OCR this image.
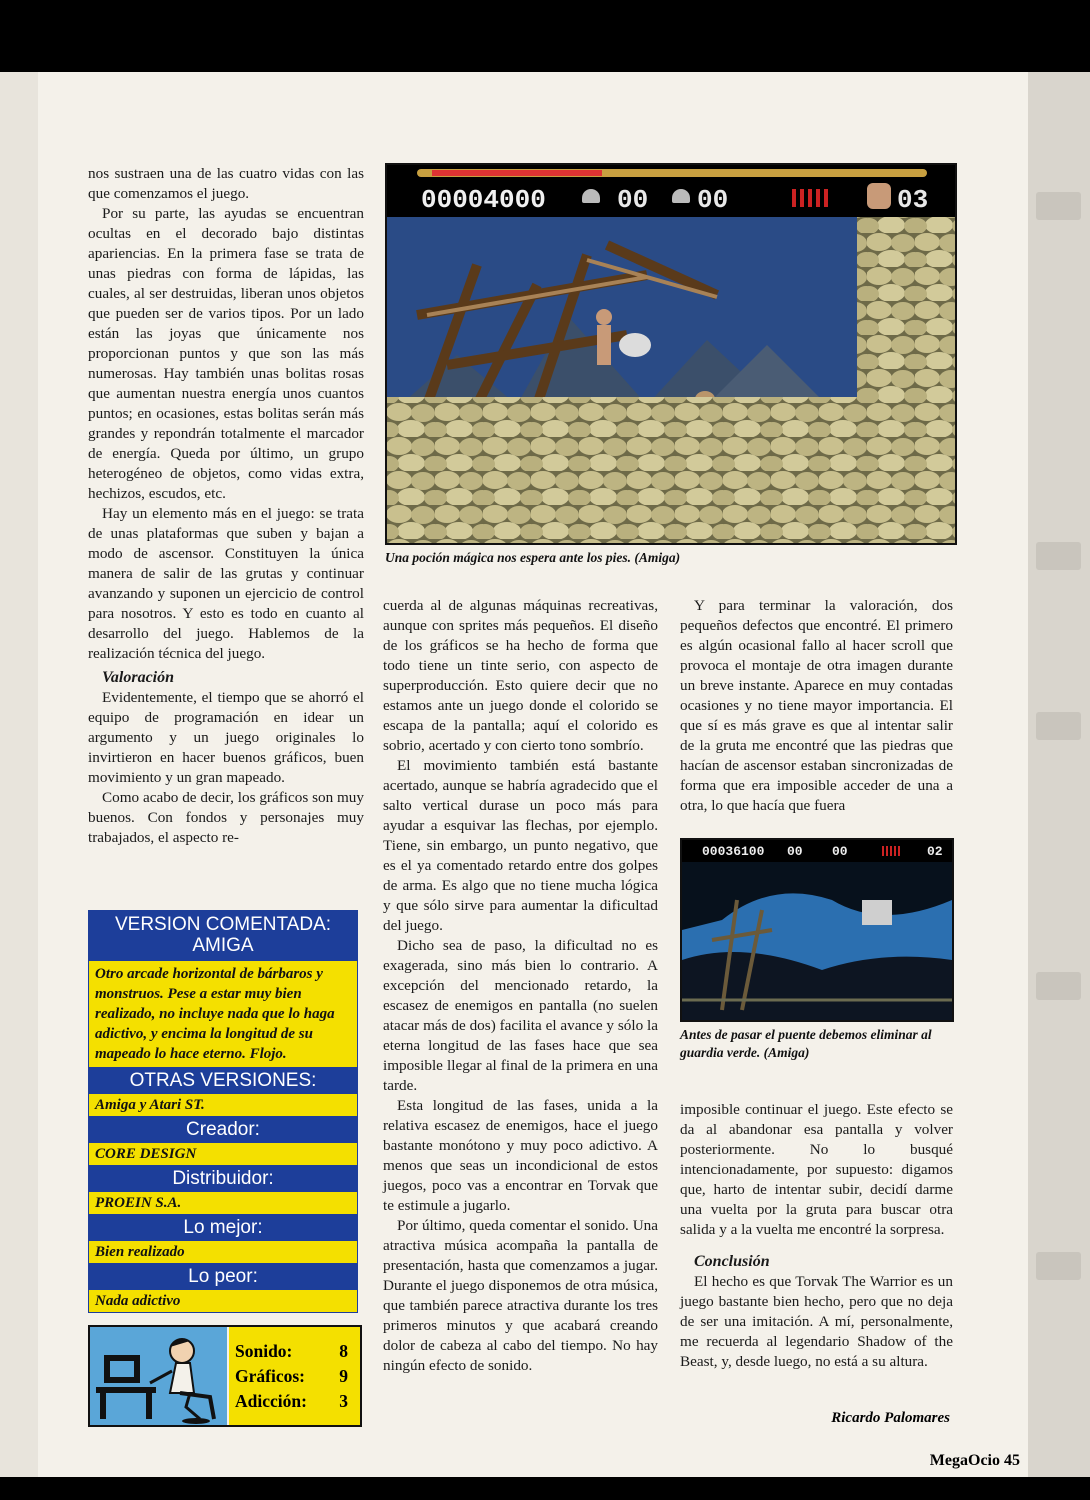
nos sustraen una de las cuatro vidas con las que comenzamos el juego.

Por su parte, las ayudas se encuentran ocultas en el decorado bajo distintas apariencias. En la primera fase se trata de unas piedras con forma de lápidas, las cuales, al ser destruidas, liberan unos objetos que pueden ser de varios tipos. Por un lado están las joyas que únicamente nos proporcionan puntos y que son las más numerosas. Hay también unas bolitas rosas que aumentan nuestra energía unos cuantos puntos; en ocasiones, estas bolitas serán más grandes y repondrán totalmente el marcador de energía. Queda por último, un grupo heterogéneo de objetos, como vidas extra, hechizos, escudos, etc.

Hay un elemento más en el juego: se trata de unas plataformas que suben y bajan a modo de ascensor. Constituyen la única manera de salir de las grutas y continuar avanzando y suponen un ejercicio de control para nosotros. Y esto es todo en cuanto al desarrollo del juego. Hablemos de la realización técnica del juego.

Valoración

Evidentemente, el tiempo que se ahorró el equipo de programación en idear un argumento y un juego originales lo invirtieron en hacer buenos gráficos, buen movimiento y un gran mapeado.

Como acabo de decir, los gráficos son muy buenos. Con fondos y personajes muy trabajados, el aspecto re-

00004000	00 00	03
Una poción mágica nos espera ante los pies. (Amiga)

cuerda al de algunas máquinas recreativas, aunque con sprites más pequeños. El diseño de los gráficos se ha hecho de forma que todo tiene un tinte serio, con aspecto de superproducción. Esto quiere decir que no estamos ante un juego donde el colorido se escapa de la pantalla; aquí el colorido es sobrio, acertado y con cierto tono sombrío.

El movimiento también está bastante acertado, aunque se habría agradecido que el salto vertical durase un poco más para ayudar a esquivar las flechas, por ejemplo. Tiene, sin embargo, un punto negativo, que es el ya comentado retardo entre dos golpes de arma. Es algo que no tiene mucha lógica y que sólo sirve para aumentar la dificultad del juego.

Dicho sea de paso, la dificultad no es exagerada, sino más bien lo contrario. A excepción del mencionado retardo, la escasez de enemigos en pantalla (no suelen atacar más de dos) facilita el avance y sólo la eterna longitud de las fases hace que sea imposible llegar al final de la primera en una tarde.

Esta longitud de las fases, unida a la relativa escasez de enemigos, hace el juego bastante monótono y muy poco adictivo. A menos que seas un incondicional de estos juegos, poco vas a encontrar en Torvak que te estimule a jugarlo.

Por último, queda comentar el sonido. Una atractiva música acompaña la pantalla de presentación, hasta que comenzamos a jugar. Durante el juego disponemos de otra música, que también parece atractiva durante los tres primeros minutos y que acabará creando dolor de cabeza al cabo del tiempo. No hay ningún efecto de sonido.

Y para terminar la valoración, dos pequeños defectos que encontré. El primero es algún ocasional fallo al hacer scroll que provoca el montaje de otra imagen durante un breve instante. Aparece en muy contadas ocasiones y no tiene mayor importancia. El que sí es más grave es que al intentar salir de la gruta me encontré que las piedras que hacían de ascensor estaban sincronizadas de forma que era imposible acceder de una a otra, lo que hacía que fuera

00036100 00 00	02
Antes de pasar el puente debemos eliminar al guardia verde. (Amiga)

imposible continuar el juego. Este efecto se da al abandonar esa pantalla y volver posteriormente. No lo busqué intencionadamente, por supuesto: digamos que, harto de intentar subir, decidí darme una vuelta por la gruta para buscar otra salida y a la vuelta me encontré la sorpresa.

Conclusión

El hecho es que Torvak The Warrior es un juego bastante bien hecho, pero que no deja de ser una imitación. A mí, personalmente, me recuerda al legendario Shadow of the Beast, y, desde luego, no está a su altura.

Ricardo Palomares
VERSION COMENTADA: AMIGA
Otro arcade horizontal de bárbaros y monstruos. Pese a estar muy bien realizado, no incluye nada que lo haga adictivo, y encima la longitud de su mapeado lo hace eterno. Flojo.
OTRAS VERSIONES:
Amiga y Atari ST.
Creador:
CORE DESIGN
Distribuidor:
PROEIN S.A.
Lo mejor:
Bien realizado
Lo peor:
Nada adictivo
Sonido:	8
Gráficos: 9
Adicción: 3
MegaOcio 45
